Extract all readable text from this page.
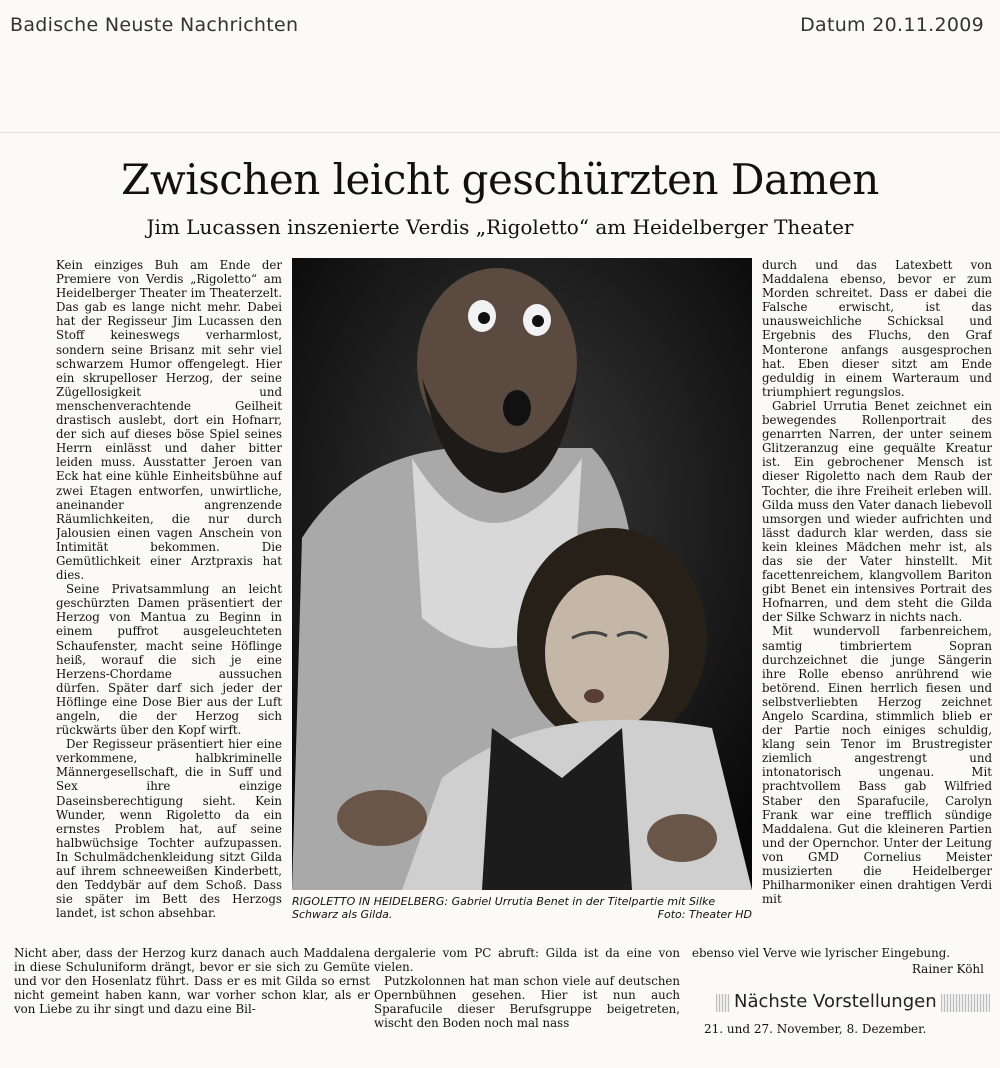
Badische Neuste Nachrichten	Datum 20.11.2009
Zwischen leicht geschürzten Damen
Jim Lucassen inszenierte Verdis „Rigoletto“ am Heidelberger Theater

Kein einziges Buh am Ende der Premiere von Verdis „Rigoletto“ am Heidelberger Theater im Theaterzelt. Das gab es lange nicht mehr. Dabei hat der Regisseur Jim Lucassen den Stoff keineswegs verharmlost, sondern seine Brisanz mit sehr viel schwarzem Humor offengelegt. Hier ein skrupelloser Herzog, der seine Zügellosigkeit und menschenverachtende Geilheit drastisch auslebt, dort ein Hofnarr, der sich auf dieses böse Spiel seines Herrn einlässt und daher bitter leiden muss. Ausstatter Jeroen van Eck hat eine kühle Einheitsbühne auf zwei Etagen entworfen, unwirtliche, aneinander angrenzende Räumlichkeiten, die nur durch Jalousien einen vagen Anschein von Intimität bekommen. Die Gemütlichkeit einer Arztpraxis hat dies.

Seine Privatsammlung an leicht geschürzten Damen präsentiert der Herzog von Mantua zu Beginn in einem puffrot ausgeleuchteten Schaufenster, macht seine Höflinge heiß, worauf die sich je eine Herzens-Chordame aussuchen dürfen. Später darf sich jeder der Höflinge eine Dose Bier aus der Luft angeln, die der Herzog sich rückwärts über den Kopf wirft.

Der Regisseur präsentiert hier eine verkommene, halbkriminelle Männergesellschaft, die in Suff und Sex ihre einzige Daseinsberechtigung sieht. Kein Wunder, wenn Rigoletto da ein ernstes Problem hat, auf seine halbwüchsige Tochter aufzupassen. In Schulmädchenkleidung sitzt Gilda auf ihrem schneeweißen Kinderbett, den Teddybär auf dem Schoß. Dass sie später im Bett des Herzogs landet, ist schon absehbar.

RIGOLETTO IN HEIDELBERG: Gabriel Urrutia Benet in der Titelpartie mit Silke Schwarz als Gilda.	Foto: Theater HD

durch und das Latexbett von Maddalena ebenso, bevor er zum Morden schreitet. Dass er dabei die Falsche erwischt, ist das unausweichliche Schicksal und Ergebnis des Fluchs, den Graf Monterone anfangs ausgesprochen hat. Eben dieser sitzt am Ende geduldig in einem Warteraum und triumphiert regungslos.

Gabriel Urrutia Benet zeichnet ein bewegendes Rollenportrait des genarrten Narren, der unter seinem Glitzeranzug eine gequälte Kreatur ist. Ein gebrochener Mensch ist dieser Rigoletto nach dem Raub der Tochter, die ihre Freiheit erleben will. Gilda muss den Vater danach liebevoll umsorgen und wieder aufrichten und lässt dadurch klar werden, dass sie kein kleines Mädchen mehr ist, als das sie der Vater hinstellt. Mit facettenreichem, klangvollem Bariton gibt Benet ein intensives Portrait des Hofnarren, und dem steht die Gilda der Silke Schwarz in nichts nach.

Mit wundervoll farbenreichem, samtig timbriertem Sopran durchzeichnet die junge Sängerin ihre Rolle ebenso anrührend wie betörend. Einen herrlich fiesen und selbstverliebten Herzog zeichnet Angelo Scardina, stimmlich blieb er der Partie noch einiges schuldig, klang sein Tenor im Brustregister ziemlich angestrengt und intonatorisch ungenau. Mit prachtvollem Bass gab Wilfried Staber den Sparafucile, Carolyn Frank war eine trefflich sündige Maddalena. Gut die kleineren Partien und der Opernchor. Unter der Leitung von GMD Cornelius Meister musizierten die Heidelberger Philharmoniker einen drahtigen Verdi mit

Nicht aber, dass der Herzog kurz danach auch Maddalena in diese Schuluniform drängt, bevor er sie sich zu Gemüte und vor den Hosenlatz führt. Dass er es mit Gilda so ernst nicht gemeint haben kann, war vorher schon klar, als er von Liebe zu ihr singt und dazu eine Bil-

dergalerie vom PC abruft: Gilda ist da eine von vielen.

Putzkolonnen hat man schon viele auf deutschen Opernbühnen gesehen. Hier ist nun auch Sparafucile dieser Berufsgruppe beigetreten, wischt den Boden noch mal nass

ebenso viel Verve wie lyrischer Eingebung.

Rainer Köhl
Nächste Vorstellungen
21. und 27. November, 8. Dezember.
